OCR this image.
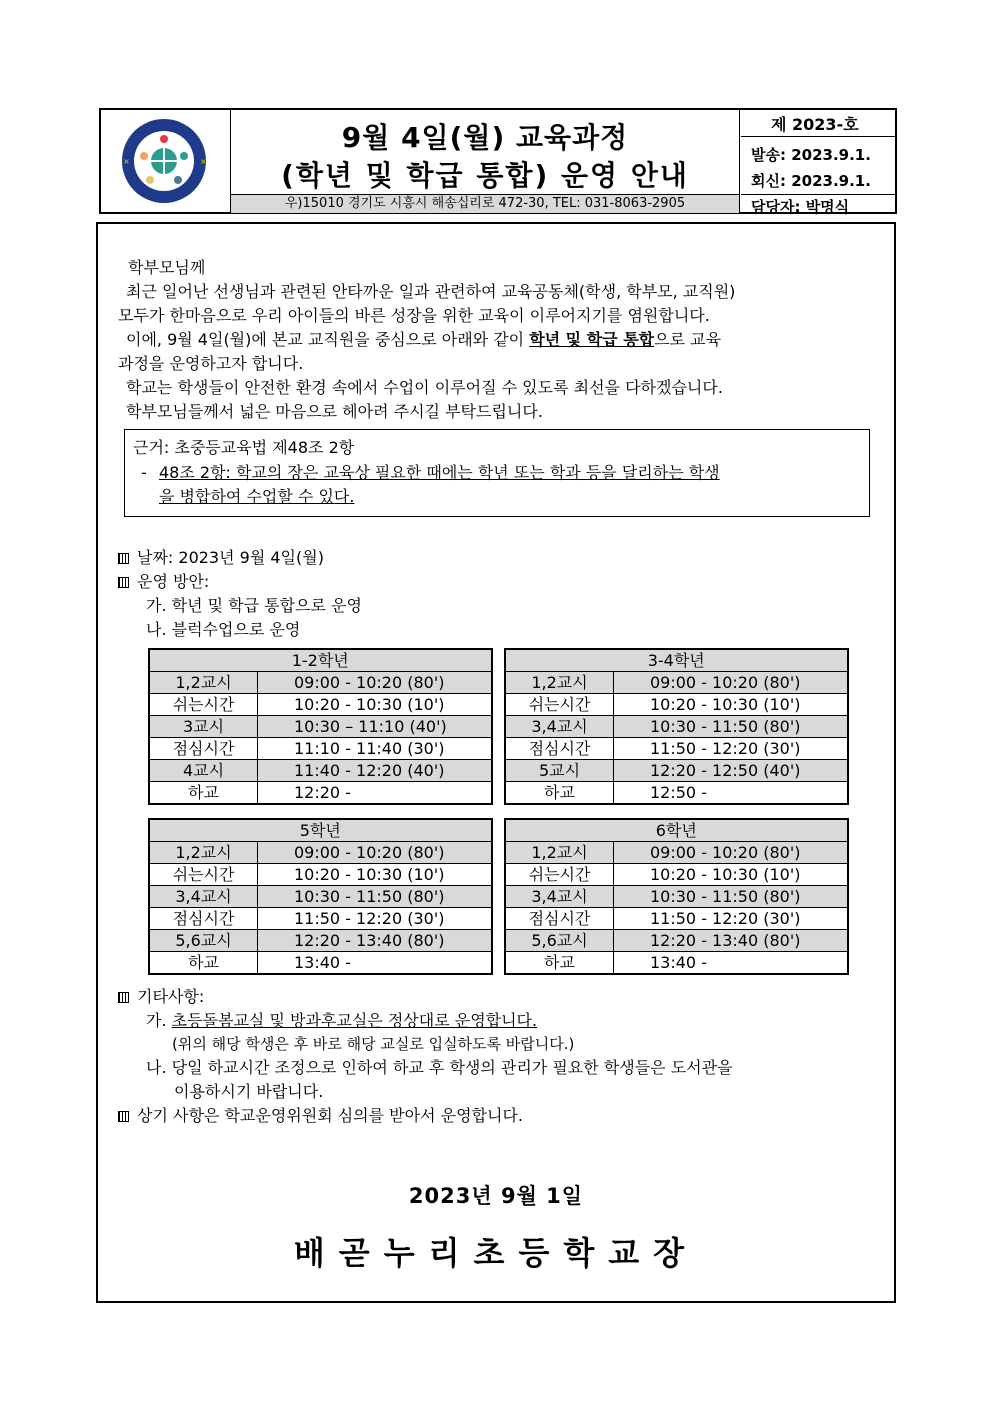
×	×
9월 4일(월) 교육과정
(학년 및 학급 통합) 운영 안내
우)15010 경기도 시흥시 해송십리로 472-30, TEL: 031-8063-2905
제 2023-호
발송: 2023.9.1.
회신: 2023.9.1.
담당자: 박명식
학부모님께
최근 일어난 선생님과 관련된 안타까운 일과 관련하여 교육공동체(학생, 학부모, 교직원)
모두가 한마음으로 우리 아이들의 바른 성장을 위한 교육이 이루어지기를 염원합니다.
이에, 9월 4일(월)에 본교 교직원을 중심으로 아래와 같이 학년 및 학급 통합으로 교육
과정을 운영하고자 합니다.
학교는 학생들이 안전한 환경 속에서 수업이 이루어질 수 있도록 최선을 다하겠습니다.
학부모님들께서 넓은 마음으로 헤아려 주시길 부탁드립니다.
근거: 초중등교육법 제48조 2항
- 48조 2항: 학교의 장은 교육상 필요한 때에는 학년 또는 학과 등을 달리하는 학생
을 병합하여 수업할 수 있다.
날짜: 2023년 9월 4일(월)
운영 방안:
가. 학년 및 학급 통합으로 운영
나. 블럭수업으로 운영
1-2학년	
1,2교시	09:00 - 10:20 (80')
쉬는시간	10:20 - 10:30 (10')
3교시	10:30 – 11:10 (40')
점심시간	11:10 - 11:40 (30')
4교시	11:40 - 12:20 (40')
하교	12:20 -
3-4학년	
1,2교시	09:00 - 10:20 (80')
쉬는시간	10:20 - 10:30 (10')
3,4교시	10:30 - 11:50 (80')
점심시간	11:50 - 12:20 (30')
5교시	12:20 - 12:50 (40')
하교	12:50 -
5학년	
1,2교시	09:00 - 10:20 (80')
쉬는시간	10:20 - 10:30 (10')
3,4교시	10:30 - 11:50 (80')
점심시간	11:50 - 12:20 (30')
5,6교시	12:20 - 13:40 (80')
하교	13:40 -
6학년	
1,2교시	09:00 - 10:20 (80')
쉬는시간	10:20 - 10:30 (10')
3,4교시	10:30 - 11:50 (80')
점심시간	11:50 - 12:20 (30')
5,6교시	12:20 - 13:40 (80')
하교	13:40 -
기타사항:
가. 초등돌봄교실 및 방과후교실은 정상대로 운영합니다.
(위의 해당 학생은 후 바로 해당 교실로 입실하도록 바랍니다.)
나. 당일 하교시간 조정으로 인하여 하교 후 학생의 관리가 필요한 학생들은 도서관을
이용하시기 바랍니다.
상기 사항은 학교운영위원회 심의를 받아서 운영합니다.
2023년 9월 1일
배곧누리초등학교장
